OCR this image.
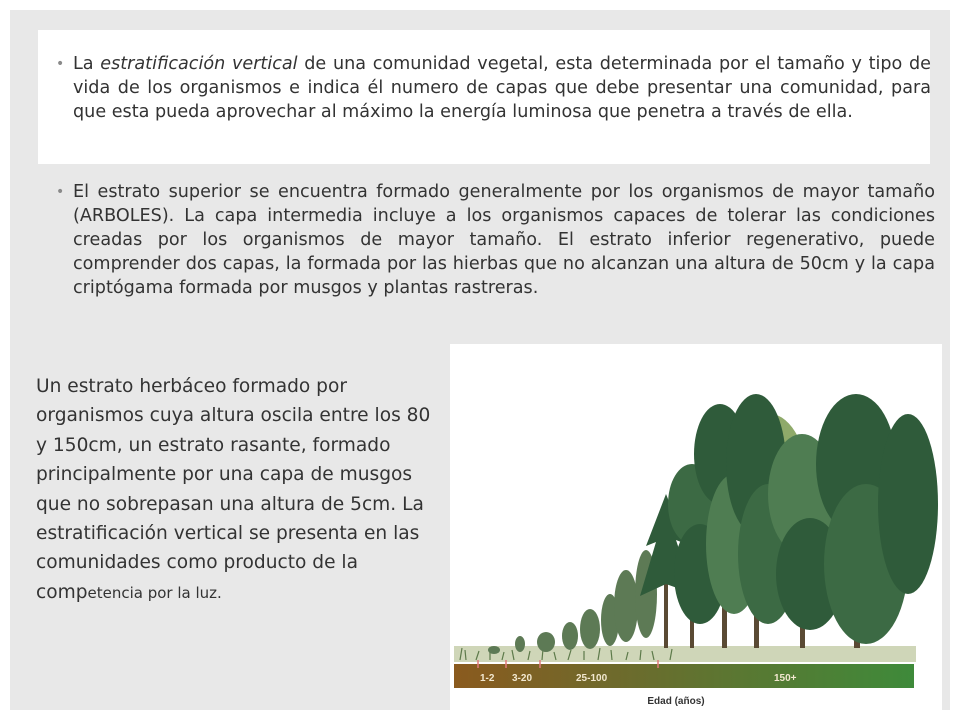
• La estratificación vertical de una comunidad vegetal, esta determinada por el tamaño y tipo de vida de los organismos e indica él numero de capas que debe presentar una comunidad, para que esta pueda aprovechar al máximo la energía luminosa que penetra a través de ella.
• El estrato superior se encuentra formado generalmente por los organismos de mayor tamaño (ARBOLES). La capa intermedia incluye a los organismos capaces de tolerar las condiciones creadas por los organismos de mayor tamaño. El estrato inferior regenerativo, puede comprender dos capas, la formada por las hierbas que no alcanzan una altura de 50cm y la capa criptógama formada por musgos y plantas rastreras.
Un estrato herbáceo formado por organismos cuya altura oscila entre los 80 y 150cm, un estrato rasante, formado principalmente por una capa de musgos que no sobrepasan una altura de 5cm. La estratificación vertical se presenta en las comunidades como producto de la competencia por la luz.
1-2 3-20	25-100	150+
Edad (años)
